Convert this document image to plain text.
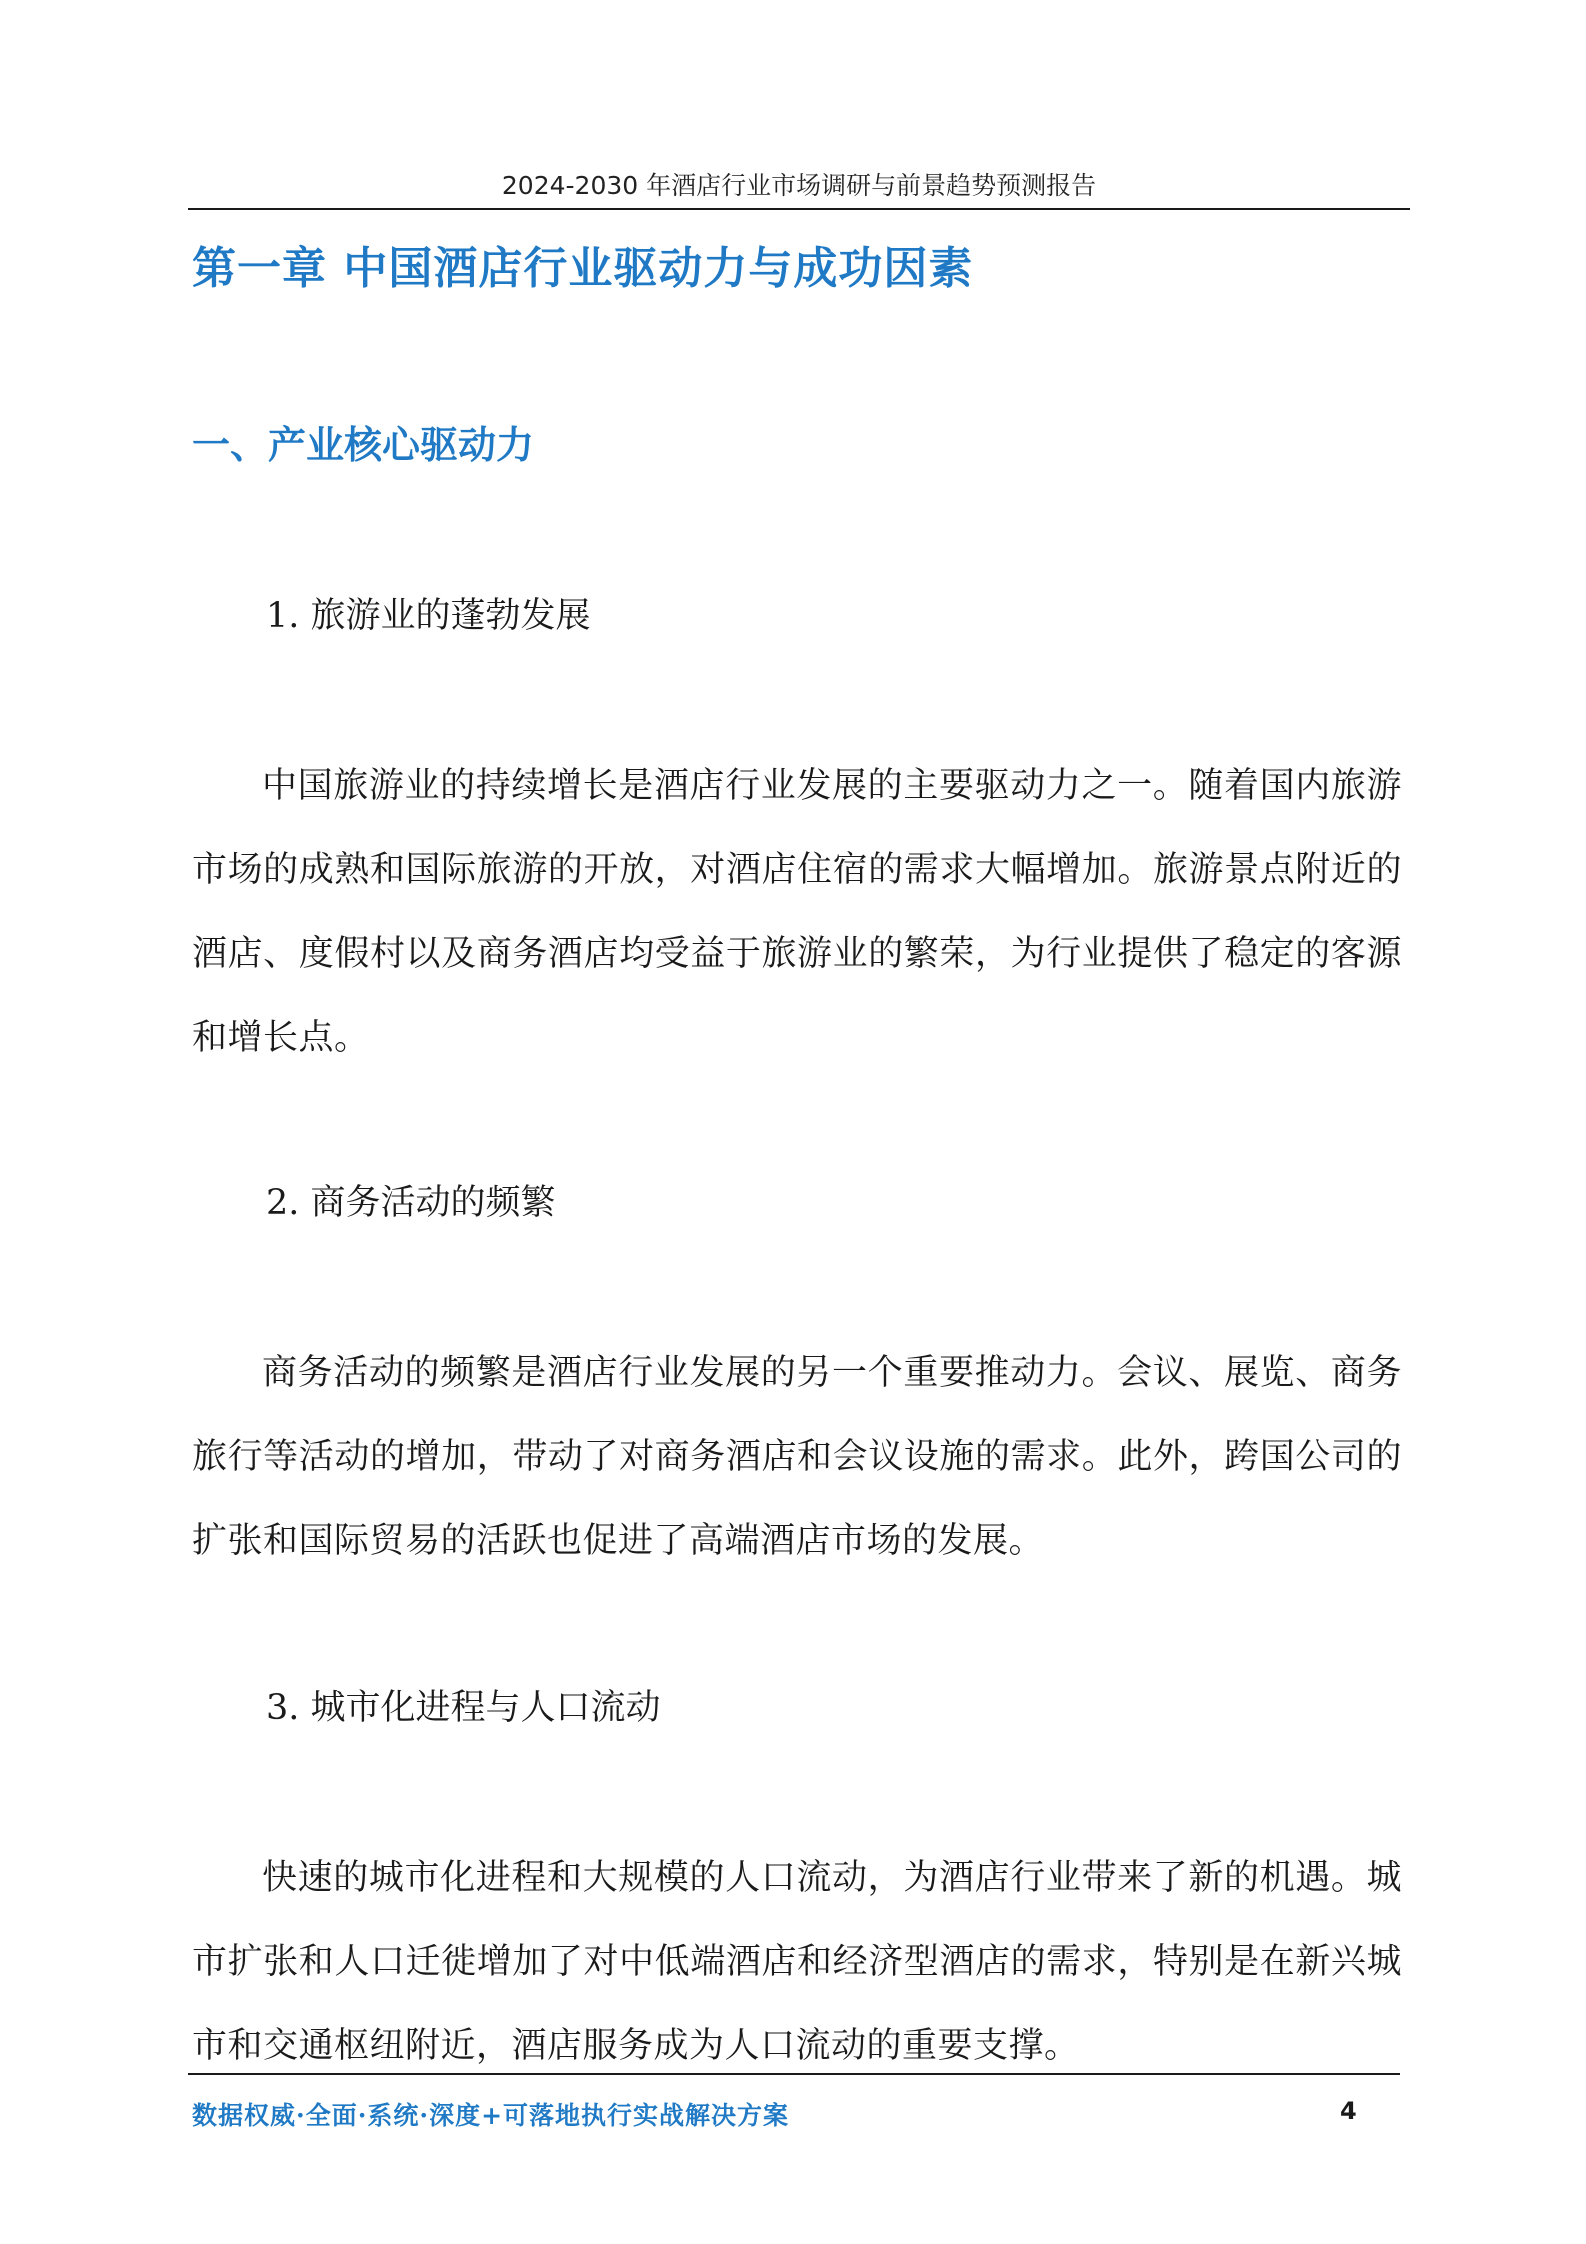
2024-2030 年酒店行业市场调研与前景趋势预测报告
第一章 中国酒店行业驱动力与成功因素
一、产业核心驱动力
1. 旅游业的蓬勃发展
中国旅游业的持续增长是酒店行业发展的主要驱动力之一。随着国内旅游市场的成熟和国际旅游的开放，对酒店住宿的需求大幅增加。旅游景点附近的酒店、度假村以及商务酒店均受益于旅游业的繁荣，为行业提供了稳定的客源和增长点。
2. 商务活动的频繁
商务活动的频繁是酒店行业发展的另一个重要推动力。会议、展览、商务旅行等活动的增加，带动了对商务酒店和会议设施的需求。此外，跨国公司的扩张和国际贸易的活跃也促进了高端酒店市场的发展。
3. 城市化进程与人口流动
快速的城市化进程和大规模的人口流动，为酒店行业带来了新的机遇。城市扩张和人口迁徙增加了对中低端酒店和经济型酒店的需求，特别是在新兴城市和交通枢纽附近，酒店服务成为人口流动的重要支撑。
数据权威·全面·系统·深度+可落地执行实战解决方案	4
